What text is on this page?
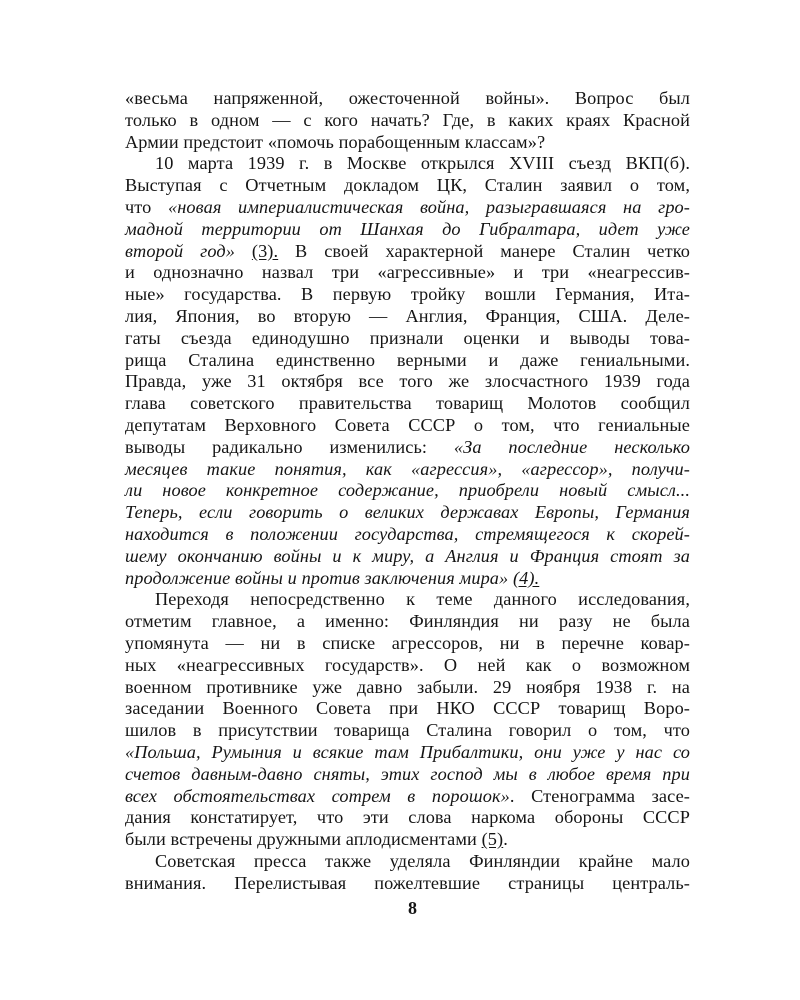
«весьма напряженной, ожесточенной войны». Вопрос был
только в одном — с кого начать? Где, в каких краях Красной
Армии предстоит «помочь порабощенным классам»?
10 марта 1939 г. в Москве открылся XVIII съезд ВКП(б).
Выступая с Отчетным докладом ЦК, Сталин заявил о том,
что «новая империалистическая война, разыгравшаяся на гро-
мадной территории от Шанхая до Гибралтара, идет уже
второй год» (3). В своей характерной манере Сталин четко
и однозначно назвал три «агрессивные» и три «неагрессив-
ные» государства. В первую тройку вошли Германия, Ита-
лия, Япония, во вторую — Англия, Франция, США. Деле-
гаты съезда единодушно признали оценки и выводы това-
рища Сталина единственно верными и даже гениальными.
Правда, уже 31 октября все того же злосчастного 1939 года
глава советского правительства товарищ Молотов сообщил
депутатам Верховного Совета СССР о том, что гениальные
выводы радикально изменились: «За последние несколько
месяцев такие понятия, как «агрессия», «агрессор», получи-
ли новое конкретное содержание, приобрели новый смысл...
Теперь, если говорить о великих державах Европы, Германия
находится в положении государства, стремящегося к скорей-
шему окончанию войны и к миру, а Англия и Франция стоят за
продолжение войны и против заключения мира» (4).
Переходя непосредственно к теме данного исследования,
отметим главное, а именно: Финляндия ни разу не была
упомянута — ни в списке агрессоров, ни в перечне ковар-
ных «неагрессивных государств». О ней как о возможном
военном противнике уже давно забыли. 29 ноября 1938 г. на
заседании Военного Совета при НКО СССР товарищ Воро-
шилов в присутствии товарища Сталина говорил о том, что
«Польша, Румыния и всякие там Прибалтики, они уже у нас со
счетов давным-давно сняты, этих господ мы в любое время при
всех обстоятельствах сотрем в порошок». Стенограмма засе-
дания констатирует, что эти слова наркома обороны СССР
были встречены дружными аплодисментами (5).
Советская пресса также уделяла Финляндии крайне мало
внимания. Перелистывая пожелтевшие страницы централь-
8
